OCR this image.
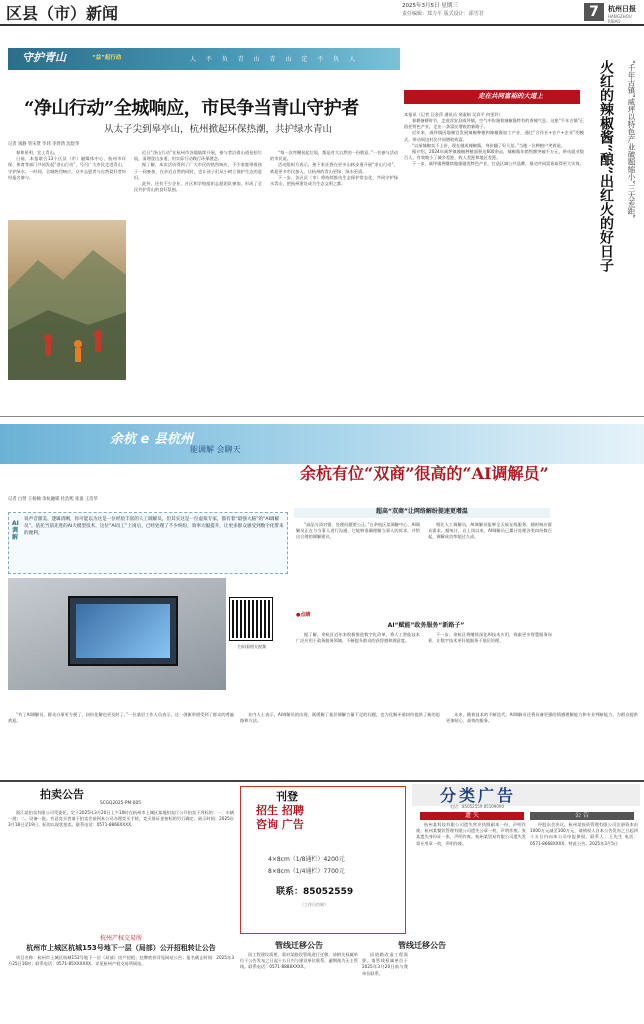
区县（市）新闻	2025年3月5日 星期三
责任编辑：郑力平 版式设计：邵雪君	7	杭州日报
HANGZHOU RIBAO
守护青山	“益”起行动	人 不 负 青 山 青 山 定 不 负 人
“净山行动”全城响应，市民争当青山守护者
从太子尖到皋亭山，杭州掀起环保热潮，共护绿水青山
记者 项静 管宋贤 毕炜 李湾湾 沈煜华

春和景明，宜上青山。

日前，本报联合13个区县（市）融媒体中心、杭州市环保、体育等部门共同发起“净山行动”，号召广大市民走进青山、守护绿水，一时间，全城热烈响应，众多志愿者与自然爱好者纷纷报名参与。

近日“净山行动”在杭州市各地陆续开展，参与者沿着山道捡拾垃圾，清理登山步道，用实际行动践行环保理念。

据了解，本次活动得到了广大市民的热烈响应，不少家庭带着孩子一同参加，在亲近自然的同时，也让孩子们从小树立保护生态的意识。

此外，还有不少企业、社区和学校组织志愿团队参加，形成了全民共护青山的良好氛围。

“每一次弯腰捡起垃圾，都是对大自然的一份敬意。”一名参与活动的市民说。

活动组织方表示，接下来还将在更多山林步道开展“净山行动”，欢迎更多市民加入，让杭州的青山更绿、绿水更清。

下一步，各区县（市）将持续推动生态保护常态化，共同守护绿水青山，把杭州建设成为生态文明之都。

走在共同富裕的大道上	火红的辣椒酱“酿”出红火的好日子	“千年古镇”威坪以特色产业破题缩小“三大差距”
本报讯（记者 汪金萍 通讯员 余淑娟 吴祥平 何雯玲）

春耕备耕时节，走进淳安县威坪镇，空气中弥漫着辣椒酱特有的香辣气息。这座“千年古镇”正依托特色产业，走出一条富民增收的新路子。

近年来，威坪镇因地制宜发展辣椒种植和辣椒酱加工产业，通过“合作社+农户+企业”的模式，带动周边村民共同增收致富。

“以前辣椒卖不上价，现在做成辣椒酱，身价翻了好几倍。”当地一位种植户笑着说。

据介绍，2024年威坪镇辣椒种植面积达600余亩，辣椒酱年销售额突破千万元，带动就业数百人，有效缩小了城乡差距、收入差距和地区差距。

下一步，威坪镇将继续做强做优特色产业，打造区域公共品牌，推动共同富裕取得更大实效。

余杭 e 县杭州
能调解 会聊天
余杭有位“双商”很高的“AI调解员”
记者 白贤 王杨楠 余杭融媒 杜浩熙 张童 王浩华
AI调解
说声音甜美、逻辑清晰，你可能以为这是一位经验丰富的人工调解员，但其实这是一位虚拟专家，都有着“最强大脑”的“AI调解员”。依托当前先进的AI大模型技术，这位“AI员工”上岗后，已经处理了不少纠纷，效率大幅提升，让更多群众感受到数字化带来的便利。
扫码看相关视频
超高“双商”让网络解纷提速更增温

“高品分清对错，处理问题要公正。”在余杭区某调解中心，AI调解员正在与当事人进行沟通，它能够准确理解当事人的诉求，并给出合理的调解建议。

相比人工调解员，AI调解员能够全天候在线服务，随时响应群众需求。据统计，自上岗以来，AI调解员已累计处理各类纠纷数百起，调解成功率超过九成。

●点睛
AI“赋能”政务服务“新路子”

据了解，余杭区近年来积极推进数字化改革，将人工智能技术广泛应用于政务服务领域，不断提升群众的获得感和满意度。

下一步，余杭区将继续深化AI技术应用，探索更多智慧服务场景，让数字技术更好地服务于基层治理。

“有了AI调解员，群众办事更方便了，纠纷化解也更及时了。”一位基层工作人员表示，这一创新举措受到了群众的普遍欢迎。

业内人士表示，AI调解员的出现，既缓解了基层调解力量不足的问题，也为化解矛盾纠纷提供了新的思路和方法。

未来，随着技术的不断迭代，AI调解员还将具备更强的情感理解能力和专业判断能力，为群众提供更加贴心、高效的服务。

拍卖公告
SCGQ2025-PM-005

浙江某拍卖有限公司受委托，定于2025年3月20日上午10时在杭州市上城区某地拍卖厅公开拍卖下列标的：一、车辆一批；二、设备一批。有意竞买者请于拍卖会前到本公司办理竞买手续，竞买保证金按标的另行确定。展示时间：2025年3月18日至19日。标的以现状拍卖。联系电话：0571-8866XXXX。

刊登
招生 招聘
咨询 广告
4×8cm（1/8通栏）4200元
8×8cm（1/4通栏）7700元
联系：85052559
（工作日咨询）
分类广告
电话：85052559 85109090
遗 失	公 告

杭州某科技有限公司遗失营业执照副本一份，声明作废。杭州某餐饮管理有限公司遗失公章一枚，声明作废。张某遗失身份证一张，声明作废。杭州某贸易有限公司遗失发票专用章一枚，声明作废。

经股东会决议，杭州某投资管理有限公司注册资本由1000万元减至100万元，请债权人自本公告发布之日起四十五日内向本公司申报债权。联系人：王先生 电话：0571-8668XXXX。特此公告。2025年3月5日

杭州产权交易所
杭州市上城区杭城153号地下一层（局部）公开招租转让公告

项目名称：杭州市上城区杭城153号地下一层（局部）房产招租；挂牌底价详见网站公告；报名截止时间：2025年3月25日16时；联系电话：0571-85XXXXXX。详见杭州产权交易所网站。

管线迁移公告

因工程建设需要，需对某路段管线进行迁移，请相关权属单位于公告发布之日起十五日内与建设单位联系，逾期视为无主管线。联系电话：0571-8888XXXX。

管线迁移公告

因道路改造工程需要，请管线权属单位于2025年3月20日前与我单位联系。
